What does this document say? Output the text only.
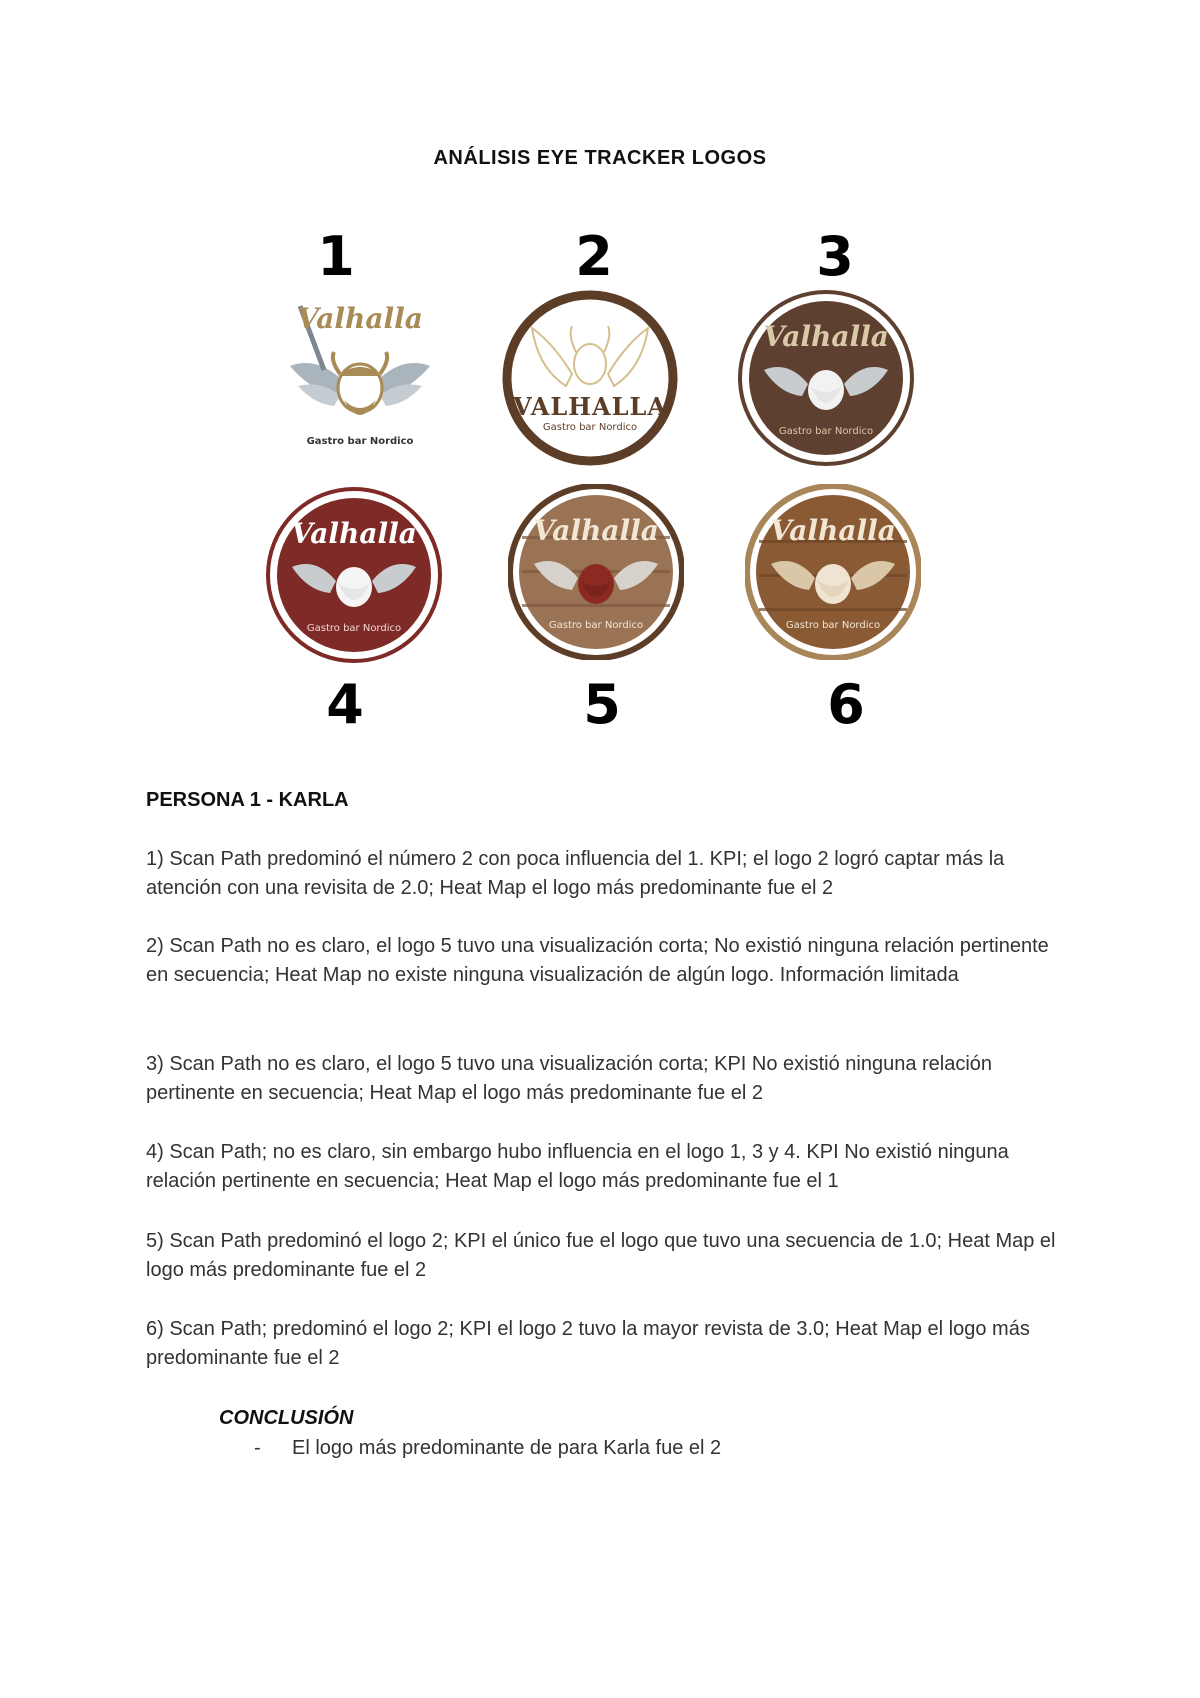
ANÁLISIS EYE TRACKER LOGOS
1	2	3
4	5	6
Valhalla
Gastro bar Nordico
VALHALLA
Gastro bar Nordico
Valhalla
Gastro bar Nordico
Valhalla
Gastro bar Nordico
Valhalla
Gastro bar Nordico
Valhalla
Gastro bar Nordico
PERSONA 1 - KARLA
1) Scan Path predominó el número 2 con poca influencia del 1. KPI; el logo 2 logró captar más la atención con una revisita de 2.0; Heat Map el logo más predominante fue el 2
2) Scan Path no es claro, el logo 5 tuvo una visualización corta; No existió ninguna relación pertinente en secuencia; Heat Map no existe ninguna visualización de algún logo. Información limitada
3) Scan Path no es claro, el logo 5 tuvo una visualización corta; KPI No existió ninguna relación pertinente en secuencia; Heat Map el logo más predominante fue el 2
4) Scan Path; no es claro, sin embargo hubo influencia en el logo 1, 3 y 4. KPI No existió ninguna relación pertinente en secuencia; Heat Map el logo más predominante fue el 1
5) Scan Path predominó el logo 2; KPI el único fue el logo que tuvo una secuencia de 1.0; Heat Map el logo más predominante fue el 2
6) Scan Path; predominó el logo 2; KPI el logo 2 tuvo la mayor revista de 3.0; Heat Map el logo más predominante fue el 2
CONCLUSIÓN
- El logo más predominante de para Karla fue el 2
